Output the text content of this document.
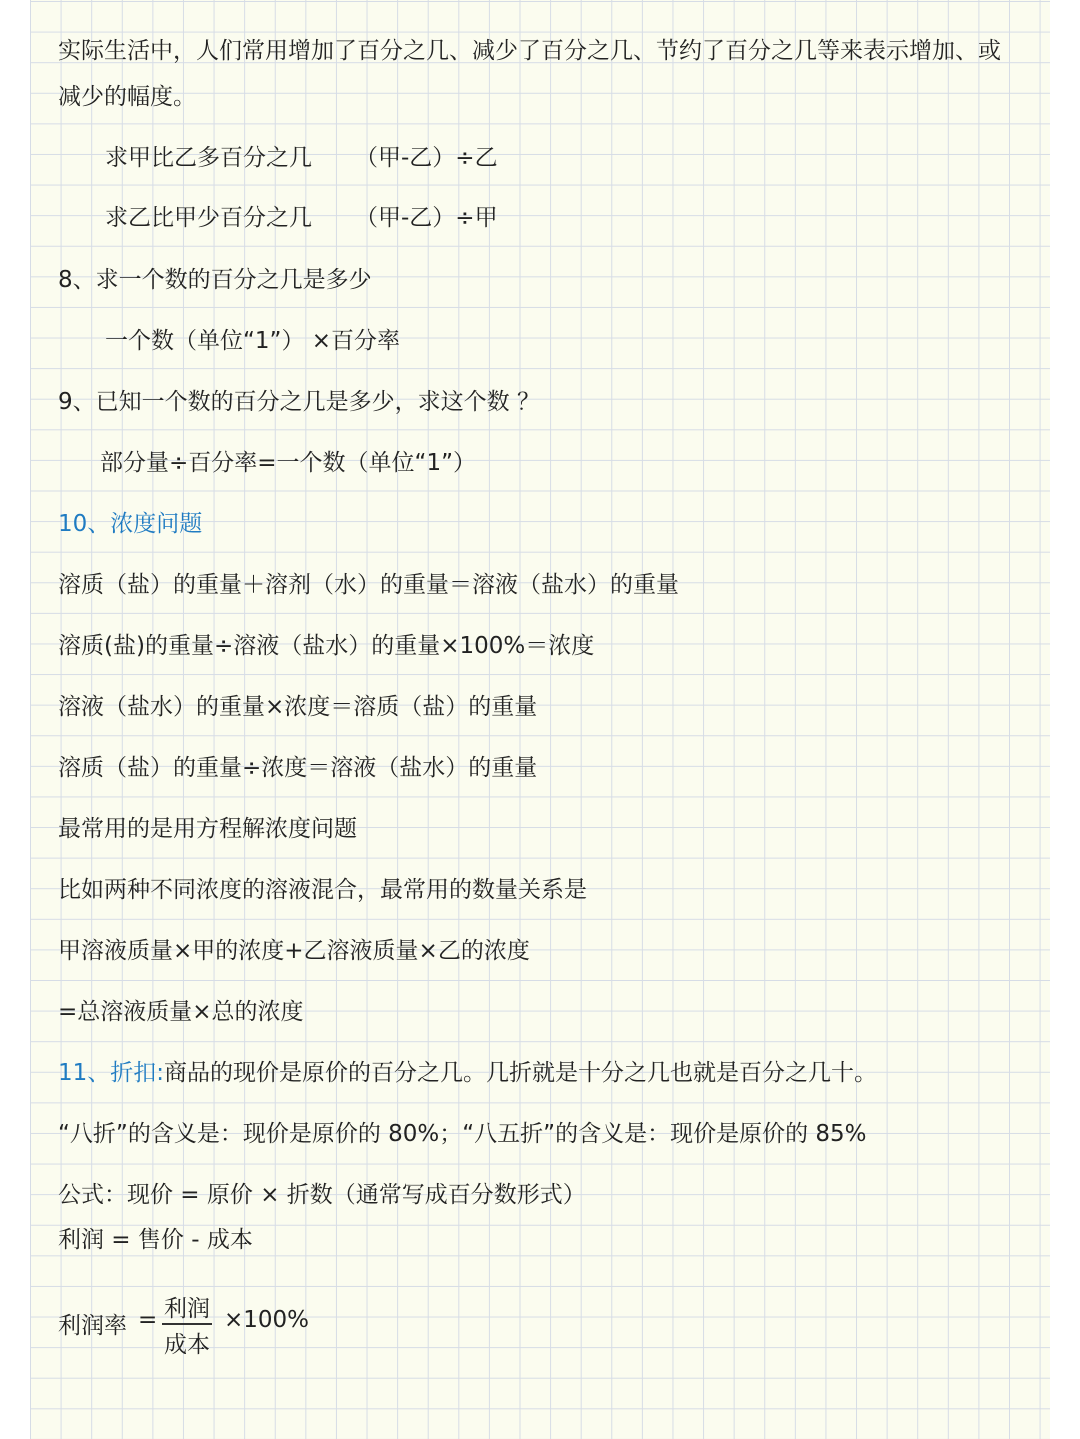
实际生活中，人们常用增加了百分之几、减少了百分之几、节约了百分之几等来表示增加、或
减少的幅度。
求甲比乙多百分之几 （甲-乙）÷乙
求乙比甲少百分之几 （甲-乙）÷甲
8、求一个数的百分之几是多少
一个数（单位“1”） ×百分率
9、已知一个数的百分之几是多少，求这个数 ？
部分量÷百分率=一个数（单位“1”）
10、浓度问题
溶质（盐）的重量＋溶剂（水）的重量＝溶液（盐水）的重量
溶质(盐)的重量÷溶液（盐水）的重量×100%＝浓度
溶液（盐水）的重量×浓度＝溶质（盐）的重量
溶质（盐）的重量÷浓度＝溶液（盐水）的重量
最常用的是用方程解浓度问题
比如两种不同浓度的溶液混合，最常用的数量关系是
甲溶液质量×甲的浓度+乙溶液质量×乙的浓度
=总溶液质量×总的浓度
11、折扣:商品的现价是原价的百分之几。几折就是十分之几也就是百分之几十。
“八折”的含义是：现价是原价的 80%；“八五折”的含义是：现价是原价的 85%
公式：现价 = 原价 × 折数（通常写成百分数形式）
利润 = 售价 - 成本
利润率 = 利润
成本
×100%
